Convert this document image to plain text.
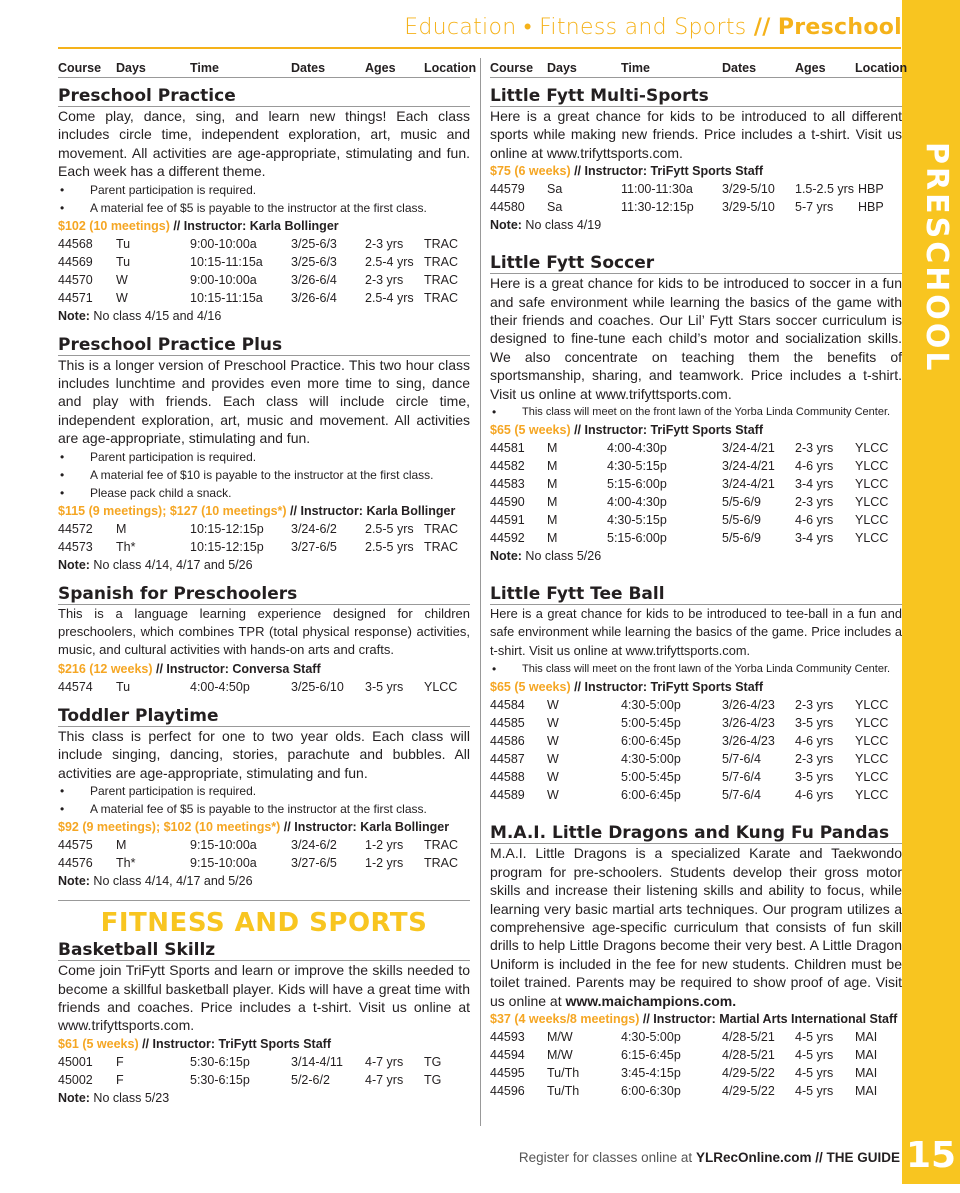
Education • Fitness and Sports // Preschool
PRESCHOOL
15
Register for classes online at YLRecOnline.com // THE GUIDE
Course Days	Time	Dates	Ages Location
Preschool Practice
Come play, dance, sing, and learn new things! Each class includes circle time, independent exploration, art, music and movement. All activities are age-appropriate, stimulating and fun. Each week has a different theme.
• Parent participation is required.
• A material fee of $5 is payable to the instructor at the first class.
$102 (10 meetings) // Instructor: Karla Bollinger
44568 Tu	9:00-10:00a	3/25-6/3 2-3 yrs TRAC
44569 Tu	10:15-11:15a 3/25-6/3 2.5-4 yrs TRAC
44570 W	9:00-10:00a	3/26-6/4 2-3 yrs TRAC
44571 W	10:15-11:15a 3/26-6/4 2.5-4 yrs TRAC
Note: No class 4/15 and 4/16
Preschool Practice Plus
This is a longer version of Preschool Practice. This two hour class includes lunchtime and provides even more time to sing, dance and play with friends. Each class will include circle time, independent exploration, art, music and movement. All activities are age-appropriate, stimulating and fun.
• Parent participation is required.
• A material fee of $10 is payable to the instructor at the first class.
• Please pack child a snack.
$115 (9 meetings); $127 (10 meetings*) // Instructor: Karla Bollinger
44572 M	10:15-12:15p 3/24-6/2 2.5-5 yrs TRAC
44573 Th*	10:15-12:15p 3/27-6/5 2.5-5 yrs TRAC
Note: No class 4/14, 4/17 and 5/26
Spanish for Preschoolers
This is a language learning experience designed for children preschoolers, which combines TPR (total physical response) activities, music, and cultural activities with hands-on arts and crafts.
$216 (12 weeks) // Instructor: Conversa Staff
44574 Tu	4:00-4:50p	3/25-6/10 3-5 yrs YLCC
Toddler Playtime
This class is perfect for one to two year olds. Each class will include singing, dancing, stories, parachute and bubbles. All activities are age-appropriate, stimulating and fun.
• Parent participation is required.
• A material fee of $5 is payable to the instructor at the first class.
$92 (9 meetings); $102 (10 meetings*) // Instructor: Karla Bollinger
44575 M	9:15-10:00a	3/24-6/2 1-2 yrs TRAC
44576 Th*	9:15-10:00a	3/27-6/5 1-2 yrs TRAC
Note: No class 4/14, 4/17 and 5/26
FITNESS AND SPORTS
Basketball Skillz
Come join TriFytt Sports and learn or improve the skills needed to become a skillful basketball player. Kids will have a great time with friends and coaches. Price includes a t-shirt. Visit us online at www.trifyttsports.com.
$61 (5 weeks) // Instructor: TriFytt Sports Staff
45001 F	5:30-6:15p	3/14-4/11 4-7 yrs TG
45002 F	5:30-6:15p	5/2-6/2	4-7 yrs TG
Note: No class 5/23
Course Days	Time	Dates	Ages Location
Little Fytt Multi-Sports
Here is a great chance for kids to be introduced to all different sports while making new friends. Price includes a t-shirt. Visit us online at www.trifyttsports.com.
$75 (6 weeks) // Instructor: TriFytt Sports Staff
44579 Sa	11:00-11:30a 3/29-5/10 1.5-2.5 yrs HBP
44580 Sa	11:30-12:15p 3/29-5/10 5-7 yrs HBP
Note: No class 4/19
Little Fytt Soccer
Here is a great chance for kids to be introduced to soccer in a fun and safe environment while learning the basics of the game with their friends and coaches. Our Lil’ Fytt Stars soccer curriculum is designed to fine-tune each child’s motor and socialization skills. We also concentrate on teaching them the benefits of sportsmanship, sharing, and teamwork. Price includes a t-shirt. Visit us online at www.trifyttsports.com.
• This class will meet on the front lawn of the Yorba Linda Community Center.
$65 (5 weeks) // Instructor: TriFytt Sports Staff
44581 M	4:00-4:30p	3/24-4/21 2-3 yrs YLCC
44582 M	4:30-5:15p	3/24-4/21 4-6 yrs YLCC
44583 M	5:15-6:00p	3/24-4/21 3-4 yrs YLCC
44590 M	4:00-4:30p	5/5-6/9	2-3 yrs YLCC
44591 M	4:30-5:15p	5/5-6/9	4-6 yrs YLCC
44592 M	5:15-6:00p	5/5-6/9	3-4 yrs YLCC
Note: No class 5/26
Little Fytt Tee Ball
Here is a great chance for kids to be introduced to tee-ball in a fun and safe environment while learning the basics of the game. Price includes a t-shirt. Visit us online at www.trifyttsports.com.
• This class will meet on the front lawn of the Yorba Linda Community Center.
$65 (5 weeks) // Instructor: TriFytt Sports Staff
44584 W	4:30-5:00p	3/26-4/23 2-3 yrs YLCC
44585 W	5:00-5:45p	3/26-4/23 3-5 yrs YLCC
44586 W	6:00-6:45p	3/26-4/23 4-6 yrs YLCC
44587 W	4:30-5:00p	5/7-6/4	2-3 yrs YLCC
44588 W	5:00-5:45p	5/7-6/4	3-5 yrs YLCC
44589 W	6:00-6:45p	5/7-6/4	4-6 yrs YLCC
M.A.I. Little Dragons and Kung Fu Pandas
M.A.I. Little Dragons is a specialized Karate and Taekwondo program for pre-schoolers. Students develop their gross motor skills and increase their listening skills and ability to focus, while learning very basic martial arts techniques. Our program utilizes a comprehensive age-specific curriculum that consists of fun skill drills to help Little Dragons become their very best. A Little Dragon Uniform is included in the fee for new students. Children must be toilet trained. Parents may be required to show proof of age. Visit us online at www.maichampions.com.
$37 (4 weeks/8 meetings) // Instructor: Martial Arts International Staff
44593 M/W	4:30-5:00p	4/28-5/21 4-5 yrs MAI
44594 M/W	6:15-6:45p	4/28-5/21 4-5 yrs MAI
44595 Tu/Th	3:45-4:15p	4/29-5/22 4-5 yrs MAI
44596 Tu/Th	6:00-6:30p	4/29-5/22 4-5 yrs MAI
